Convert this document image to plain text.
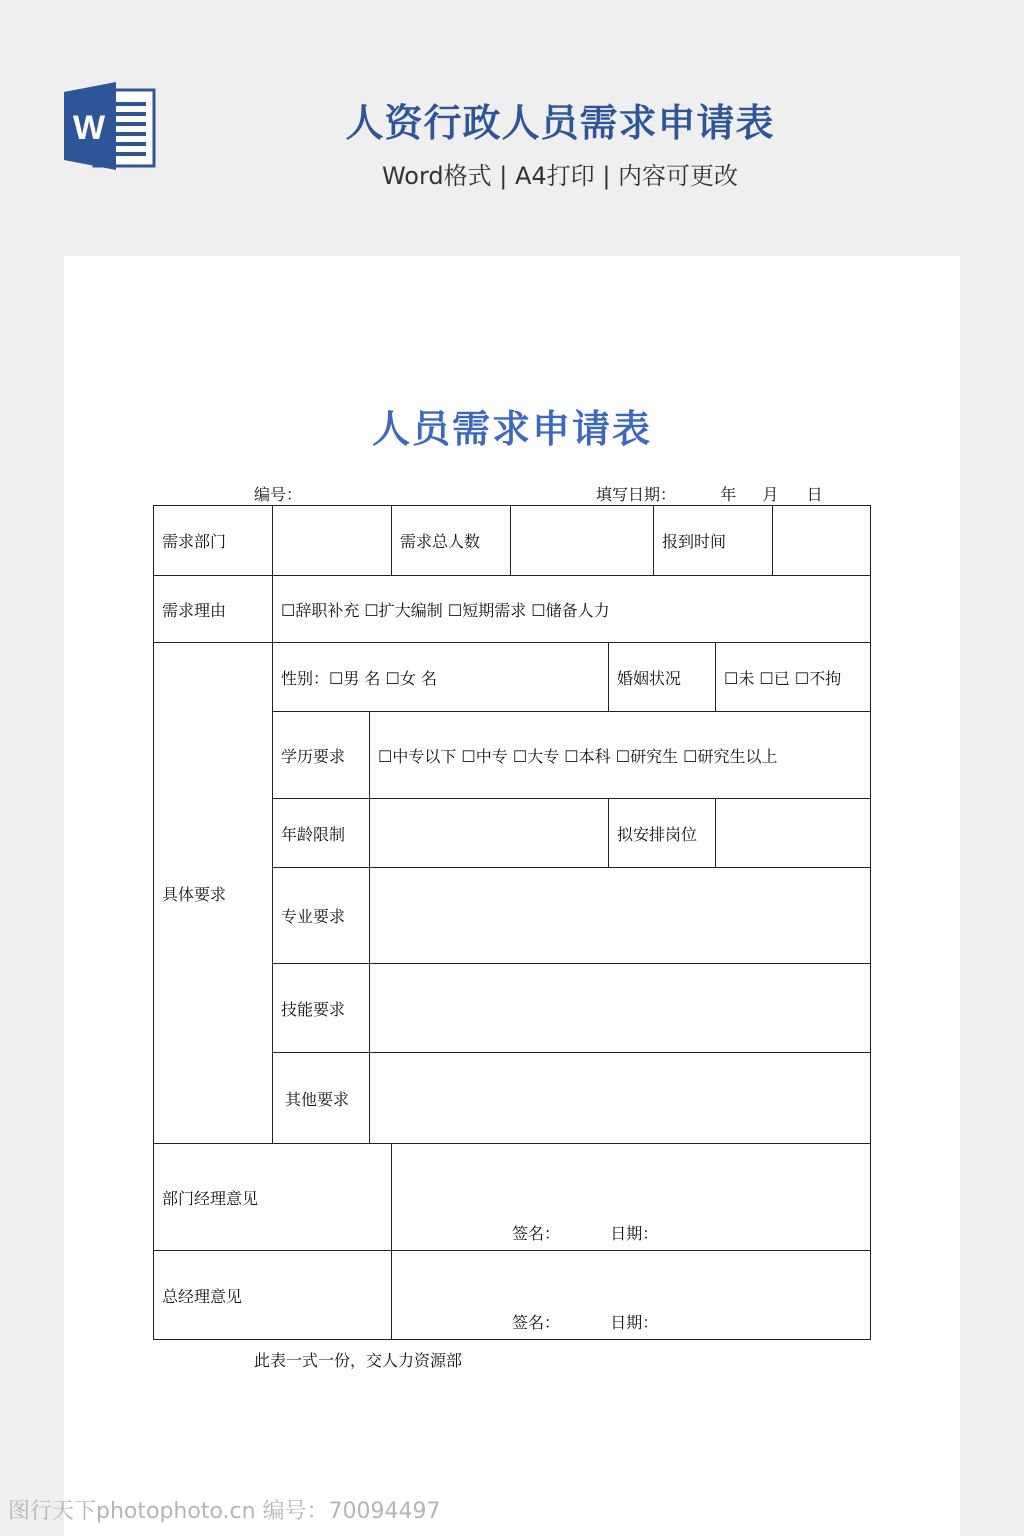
W	人资行政人员需求申请表
Word格式 | A4打印 | 内容可更改
人员需求申请表
编号：	填写日期：	年 月 日
需求部门			需求总人数			报到时间		
需求理由	☐辞职补充 ☐扩大编制 ☐短期需求 ☐储备人力							
具体要求	性别：☐男 名 ☐女 名				婚姻状况		☐未 ☐已 ☐不拘	
	学历要求	☐中专以下 ☐中专 ☐大专 ☐本科 ☐研究生 ☐研究生以上						
	年龄限制				拟安排岗位			
	专业要求							
	技能要求							
	其他要求							

部门经理意见			签名： 日期：					

总经理意见			签名： 日期：					
此表一式一份，交人力资源部
图行天下photophoto.cn 编号：70094497
